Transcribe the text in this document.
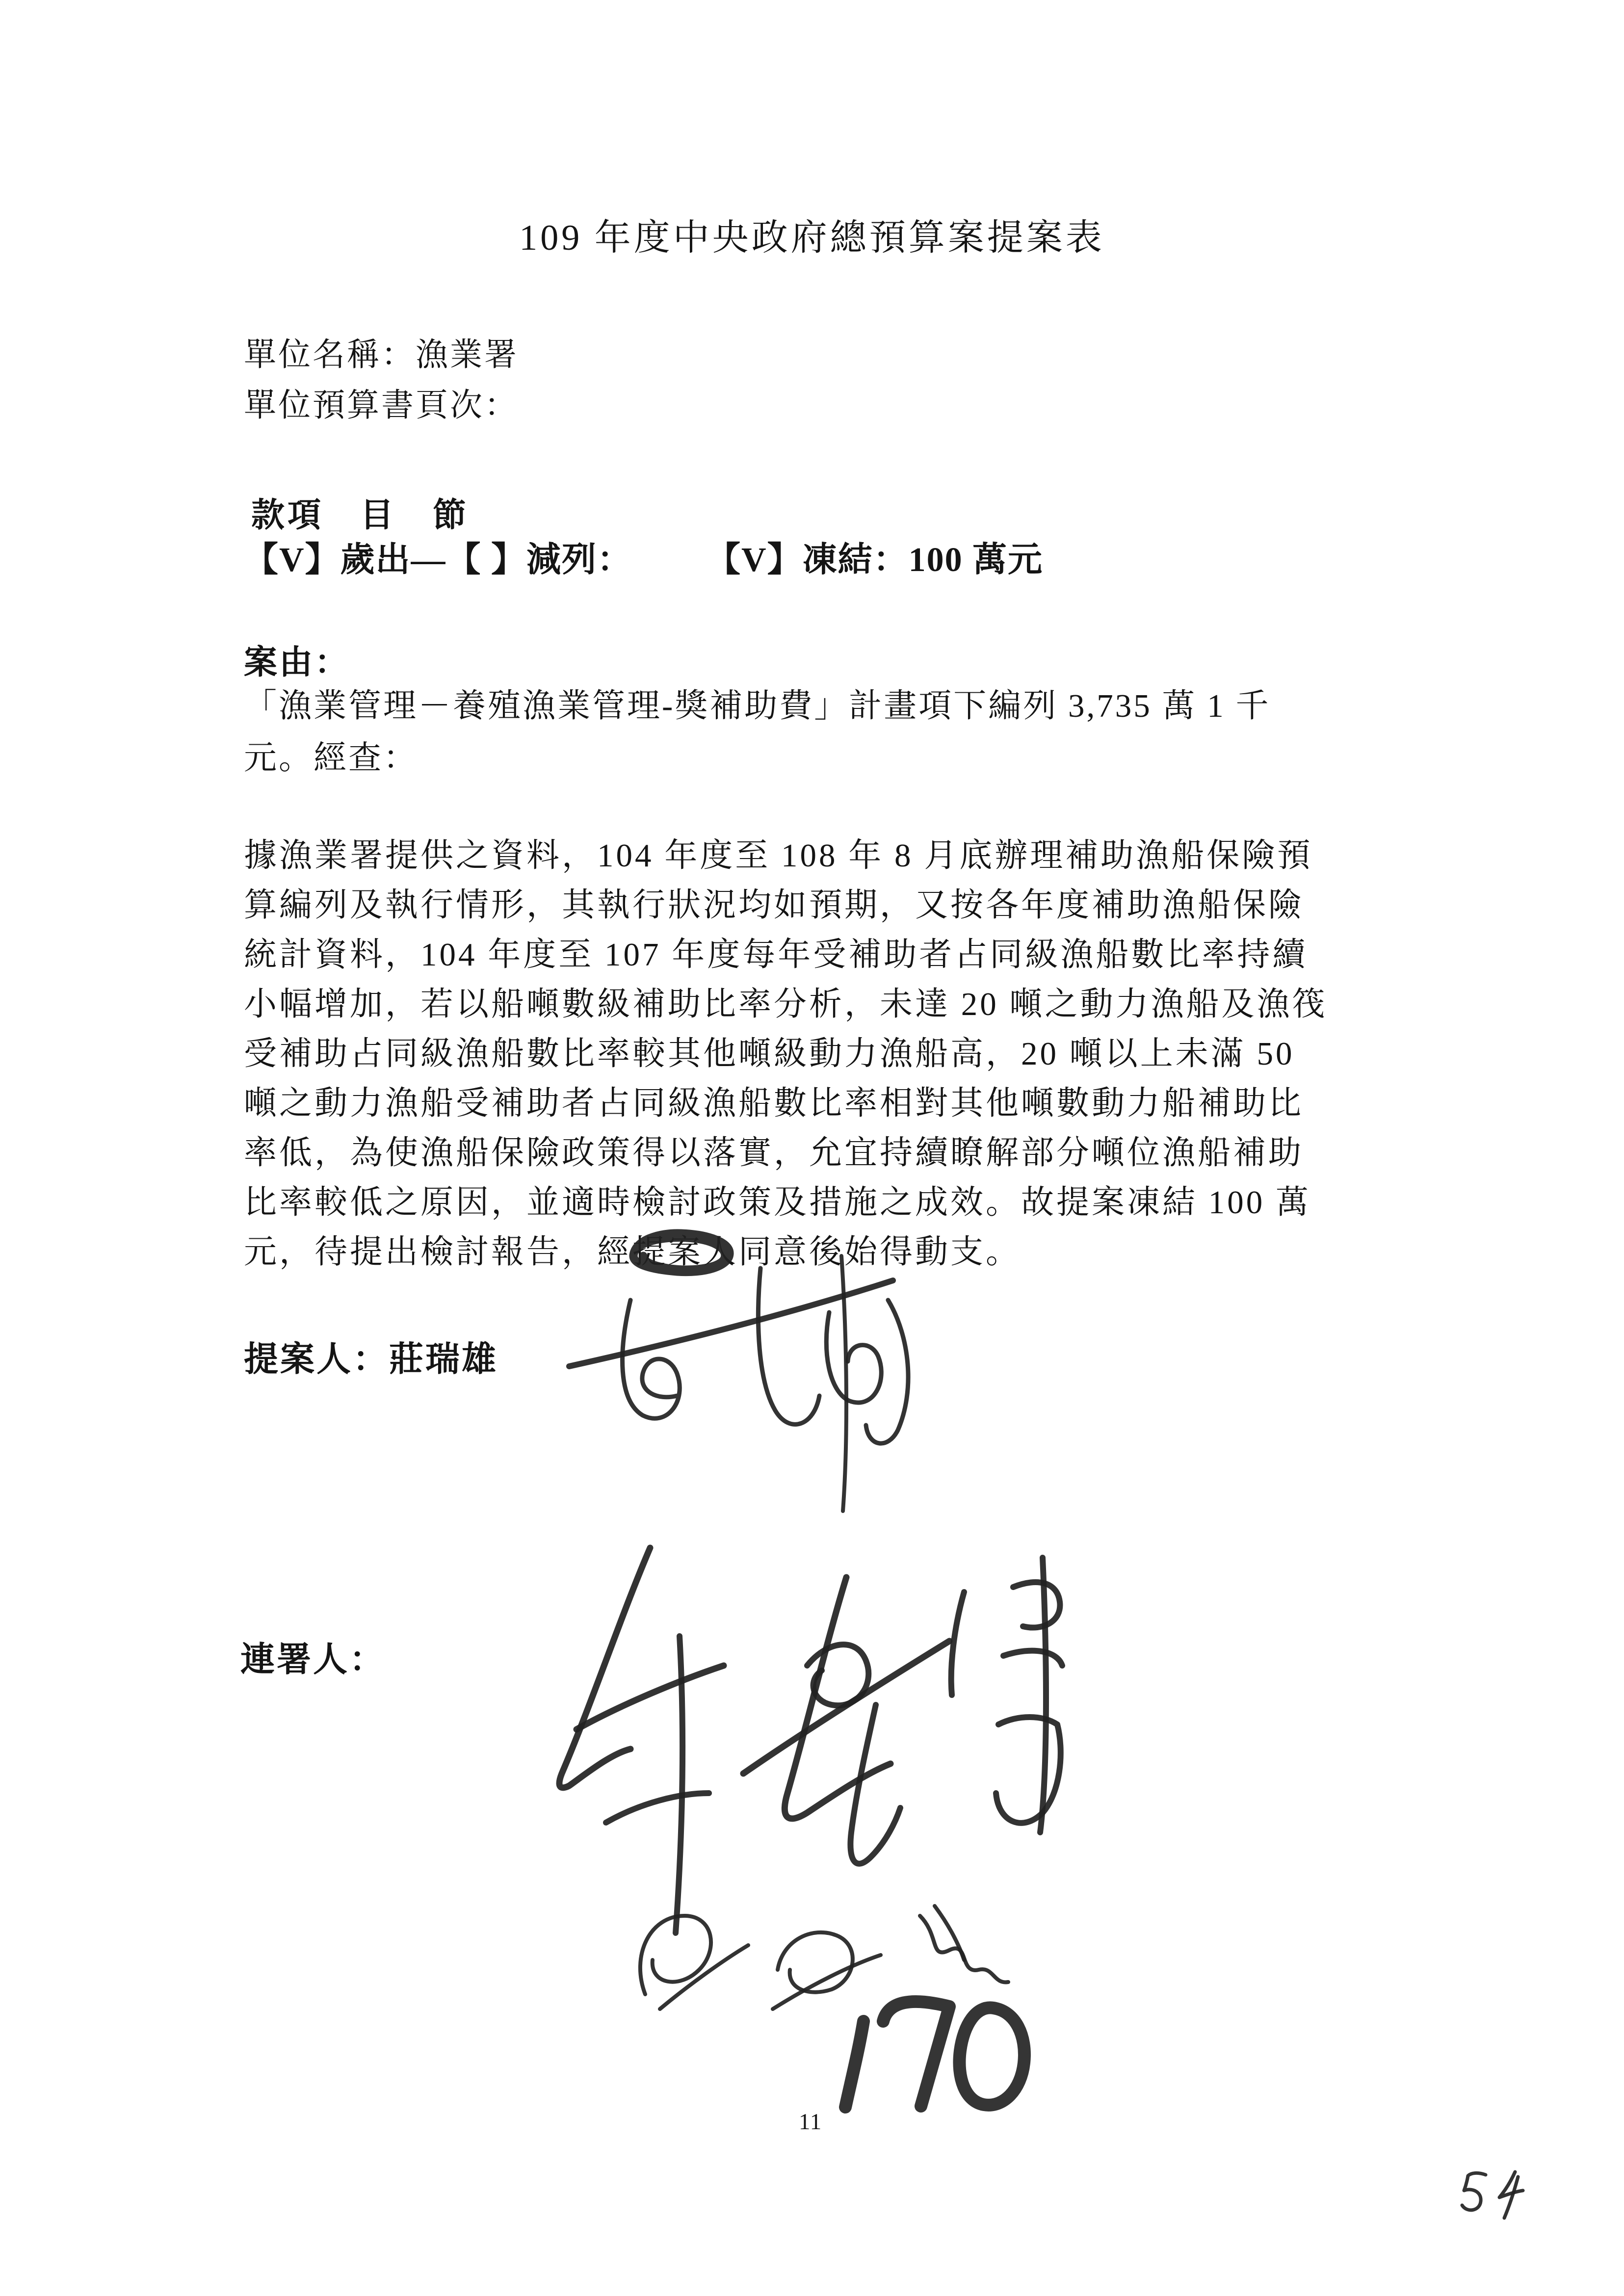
109 年度中央政府總預算案提案表
單位名稱：漁業署
單位預算書頁次：
款項　目　節
【V】歲出—【 】減列： 【V】凍結：100 萬元
案由：
「漁業管理－養殖漁業管理-獎補助費」計畫項下編列 3,735 萬 1 千
元。經查：
據漁業署提供之資料，104 年度至 108 年 8 月底辦理補助漁船保險預
算編列及執行情形，其執行狀況均如預期，又按各年度補助漁船保險
統計資料，104 年度至 107 年度每年受補助者占同級漁船數比率持續
小幅增加，若以船噸數級補助比率分析，未達 20 噸之動力漁船及漁筏
受補助占同級漁船數比率較其他噸級動力漁船高，20 噸以上未滿 50
噸之動力漁船受補助者占同級漁船數比率相對其他噸數動力船補助比
率低，為使漁船保險政策得以落實，允宜持續瞭解部分噸位漁船補助
比率較低之原因，並適時檢討政策及措施之成效。故提案凍結 100 萬
元，待提出檢討報告，經提案人
同意後始得動支。
提案人：莊瑞雄
連署人：
11
